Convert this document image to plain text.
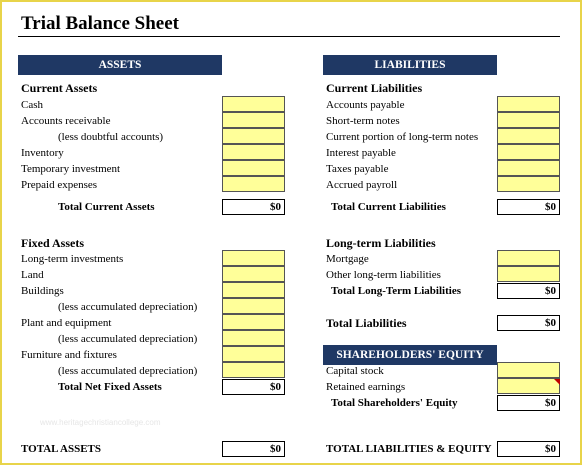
Trial Balance Sheet
ASSETS
Current Assets
Cash
Accounts receivable
(less doubtful accounts)
Inventory
Temporary investment
Prepaid expenses
Total Current Assets	$0
Fixed Assets
Long-term investments
Land
Buildings
(less accumulated depreciation)
Plant and equipment
(less accumulated depreciation)
Furniture and fixtures
(less accumulated depreciation)
Total Net Fixed Assets	$0
www.heritagechristiancollege.com
TOTAL ASSETS	$0
LIABILITIES
Current Liabilities
Accounts payable
Short-term notes
Current portion of long-term notes
Interest payable
Taxes payable
Accrued payroll
Total Current Liabilities	$0
Long-term Liabilities
Mortgage
Other long-term liabilities
Total Long-Term Liabilities	$0
Total Liabilities	$0
SHAREHOLDERS' EQUITY
Capital stock
Retained earnings
Total Shareholders' Equity	$0
TOTAL LIABILITIES & EQUITY	$0
